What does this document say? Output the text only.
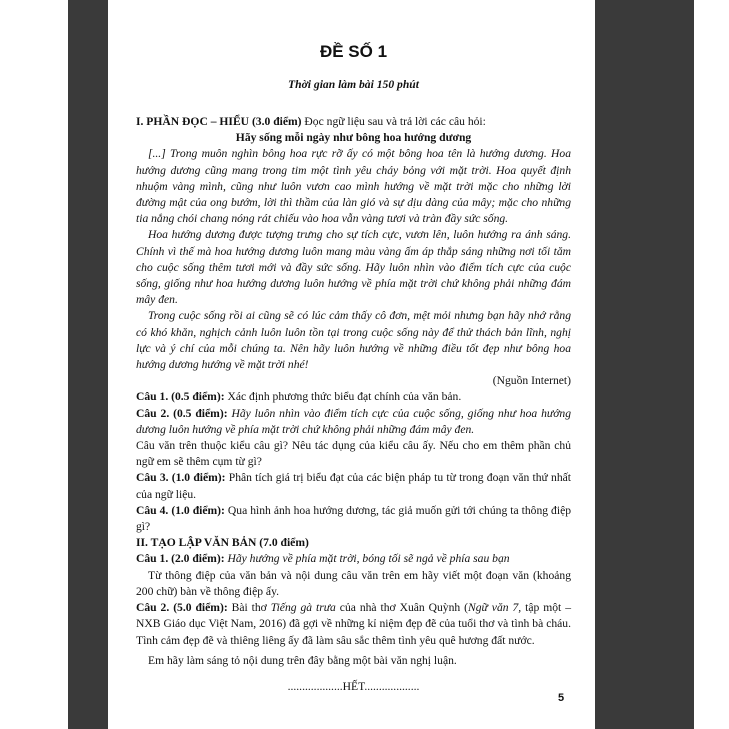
ĐỀ SỐ 1
Thời gian làm bài 150 phút

I. PHẦN ĐỌC – HIỂU (3.0 điểm) Đọc ngữ liệu sau và trả lời các câu hỏi:

Hãy sống mỗi ngày như bông hoa hướng dương

[...] Trong muôn nghìn bông hoa rực rỡ ấy có một bông hoa tên là hướng dương. Hoa hướng dương cũng mang trong tim một tình yêu cháy bỏng với mặt trời. Hoa quyết định nhuộm vàng mình, cũng như luôn vươn cao mình hướng về mặt trời mặc cho những lời đường mật của ong bướm, lời thì thầm của làn gió và sự dịu dàng của mây; mặc cho những tia nắng chói chang nóng rát chiếu vào hoa vẫn vàng tươi và tràn đầy sức sống.

Hoa hướng dương được tượng trưng cho sự tích cực, vươn lên, luôn hướng ra ánh sáng. Chính vì thế mà hoa hướng dương luôn mang màu vàng ấm áp thắp sáng những nơi tối tăm cho cuộc sống thêm tươi mới và đầy sức sống. Hãy luôn nhìn vào điểm tích cực của cuộc sống, giống như hoa hướng dương luôn hướng về phía mặt trời chứ không phải những đám mây đen.

Trong cuộc sống rồi ai cũng sẽ có lúc cảm thấy cô đơn, mệt mỏi nhưng bạn hãy nhớ rằng có khó khăn, nghịch cảnh luôn luôn tồn tại trong cuộc sống này để thử thách bản lĩnh, nghị lực và ý chí của mỗi chúng ta. Nên hãy luôn hướng về những điều tốt đẹp như bông hoa hướng dương hướng về mặt trời nhé!

(Nguồn Internet)

Câu 1. (0.5 điểm): Xác định phương thức biểu đạt chính của văn bản.

Câu 2. (0.5 điểm): Hãy luôn nhìn vào điểm tích cực của cuộc sống, giống như hoa hướng dương luôn hướng về phía mặt trời chứ không phải những đám mây đen.

Câu văn trên thuộc kiểu câu gì? Nêu tác dụng của kiểu câu ấy. Nếu cho em thêm phần chủ ngữ em sẽ thêm cụm từ gì?

Câu 3. (1.0 điểm): Phân tích giá trị biểu đạt của các biện pháp tu từ trong đoạn văn thứ nhất của ngữ liệu.

Câu 4. (1.0 điểm): Qua hình ảnh hoa hướng dương, tác giả muốn gửi tới chúng ta thông điệp gì?

II. TẠO LẬP VĂN BẢN (7.0 điểm)

Câu 1. (2.0 điểm): Hãy hướng về phía mặt trời, bóng tối sẽ ngả về phía sau bạn

Từ thông điệp của văn bản và nội dung câu văn trên em hãy viết một đoạn văn (khoảng 200 chữ) bàn về thông điệp ấy.

Câu 2. (5.0 điểm): Bài thơ Tiếng gà trưa của nhà thơ Xuân Quỳnh (Ngữ văn 7, tập một – NXB Giáo dục Việt Nam, 2016) đã gợi về những kỉ niệm đẹp đẽ của tuổi thơ và tình bà cháu. Tình cảm đẹp đẽ và thiêng liêng ấy đã làm sâu sắc thêm tình yêu quê hương đất nước.

Em hãy làm sáng tỏ nội dung trên đây bằng một bài văn nghị luận.

...................HẾT...................

5
